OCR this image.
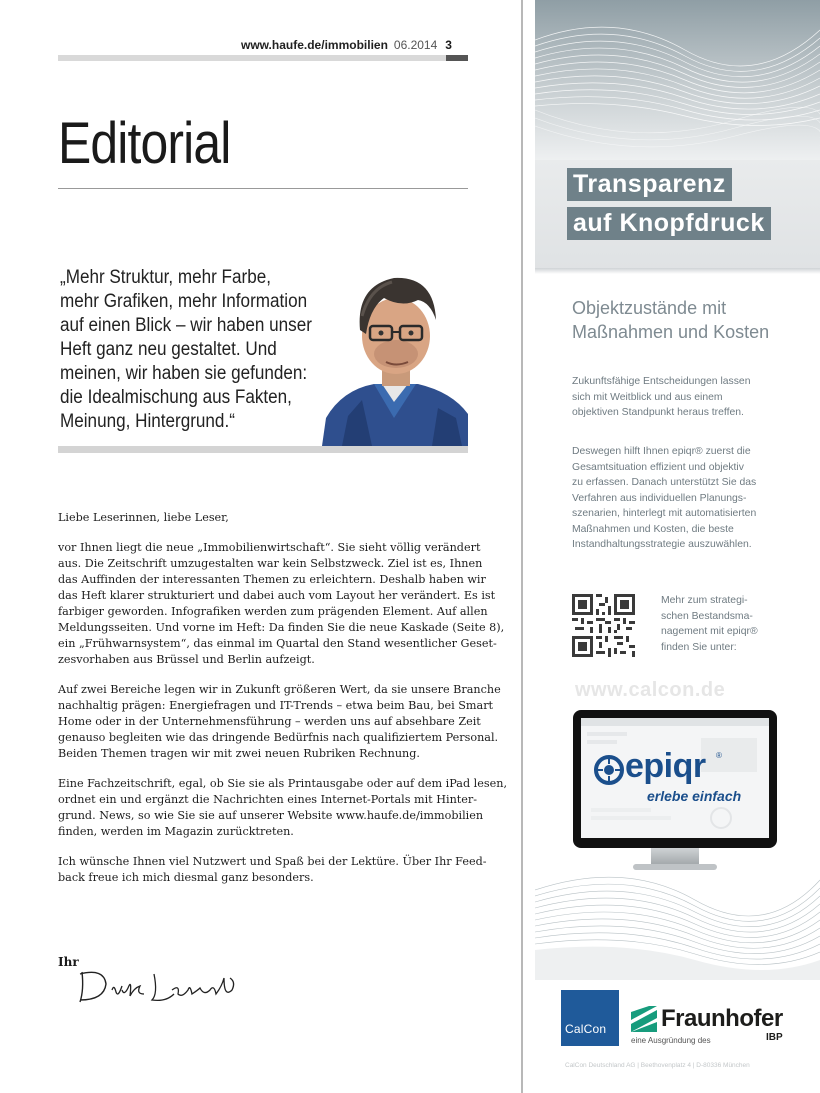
www.haufe.de/immobilien 06.2014 3
Editorial
„Mehr Struktur, mehr Farbe,
mehr Grafiken, mehr Information
auf einen Blick – wir haben unser
Heft ganz neu gestaltet. Und
meinen, wir haben sie gefunden:
die Idealmischung aus Fakten,
Meinung, Hintergrund.“
Liebe Leserinnen, liebe Leser,
vor Ihnen liegt die neue „Immobilienwirtschaft“. Sie sieht völlig verändert
aus. Die Zeitschrift umzugestalten war kein Selbstzweck. Ziel ist es, Ihnen
das Auffinden der interessanten Themen zu erleichtern. Deshalb haben wir
das Heft klarer strukturiert und dabei auch vom Layout her verändert. Es ist
farbiger geworden. Infografiken werden zum prägenden Element. Auf allen
Meldungsseiten. Und vorne im Heft: Da finden Sie die neue Kaskade (Seite 8),
ein „Frühwarnsystem“, das einmal im Quartal den Stand wesentlicher Geset-
zesvorhaben aus Brüssel und Berlin aufzeigt.
Auf zwei Bereiche legen wir in Zukunft größeren Wert, da sie unsere Branche
nachhaltig prägen: Energiefragen und IT-Trends – etwa beim Bau, bei Smart
Home oder in der Unternehmensführung – werden uns auf absehbare Zeit
genauso begleiten wie das dringende Bedürfnis nach qualifiziertem Personal.
Beiden Themen tragen wir mit zwei neuen Rubriken Rechnung.
Eine Fachzeitschrift, egal, ob Sie sie als Printausgabe oder auf dem iPad lesen,
ordnet ein und ergänzt die Nachrichten eines Internet-Portals mit Hinter-
grund. News, so wie Sie sie auf unserer Website www.haufe.de/immobilien
finden, werden im Magazin zurücktreten.
Ich wünsche Ihnen viel Nutzwert und Spaß bei der Lektüre. Über Ihr Feed-
back freue ich mich diesmal ganz besonders.
Ihr
Transparenz
auf Knopfdruck
Objektzustände mit
Maßnahmen und Kosten
Zukunftsfähige Entscheidungen lassen
sich mit Weitblick und aus einem
objektiven Standpunkt heraus treffen.
Deswegen hilft Ihnen epiqr® zuerst die
Gesamtsituation effizient und objektiv
zu erfassen. Danach unterstützt Sie das
Verfahren aus individuellen Planungs-
szenarien, hinterlegt mit automatisierten
Maßnahmen und Kosten, die beste
Instandhaltungsstrategie auszuwählen.
Mehr zum strategi-
schen Bestandsma-
nagement mit epiqr®
finden Sie unter:
www.calcon.de
epiqr ®
erlebe einfach
CalCon Fraunhofer
IBP
eine Ausgründung des
CalCon Deutschland AG | Beethovenplatz 4 | D-80336 München
